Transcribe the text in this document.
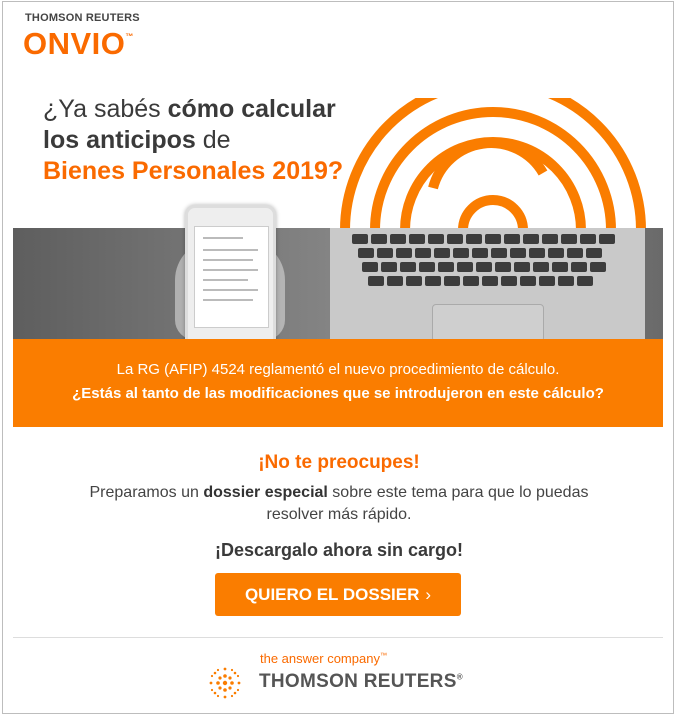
THOMSON REUTERS
ONVIO™
¿Ya sabés cómo calcular los anticipos de
Bienes Personales 2019?
La RG (AFIP) 4524 reglamentó el nuevo procedimiento de cálculo.
¿Estás al tanto de las modificaciones que se introdujeron en este cálculo?
¡No te preocupes!
Preparamos un dossier especial sobre este tema para que lo puedas resolver más rápido.
¡Descargalo ahora sin cargo!
QUIERO EL DOSSIER ›
the answer company™
THOMSON REUTERS®
